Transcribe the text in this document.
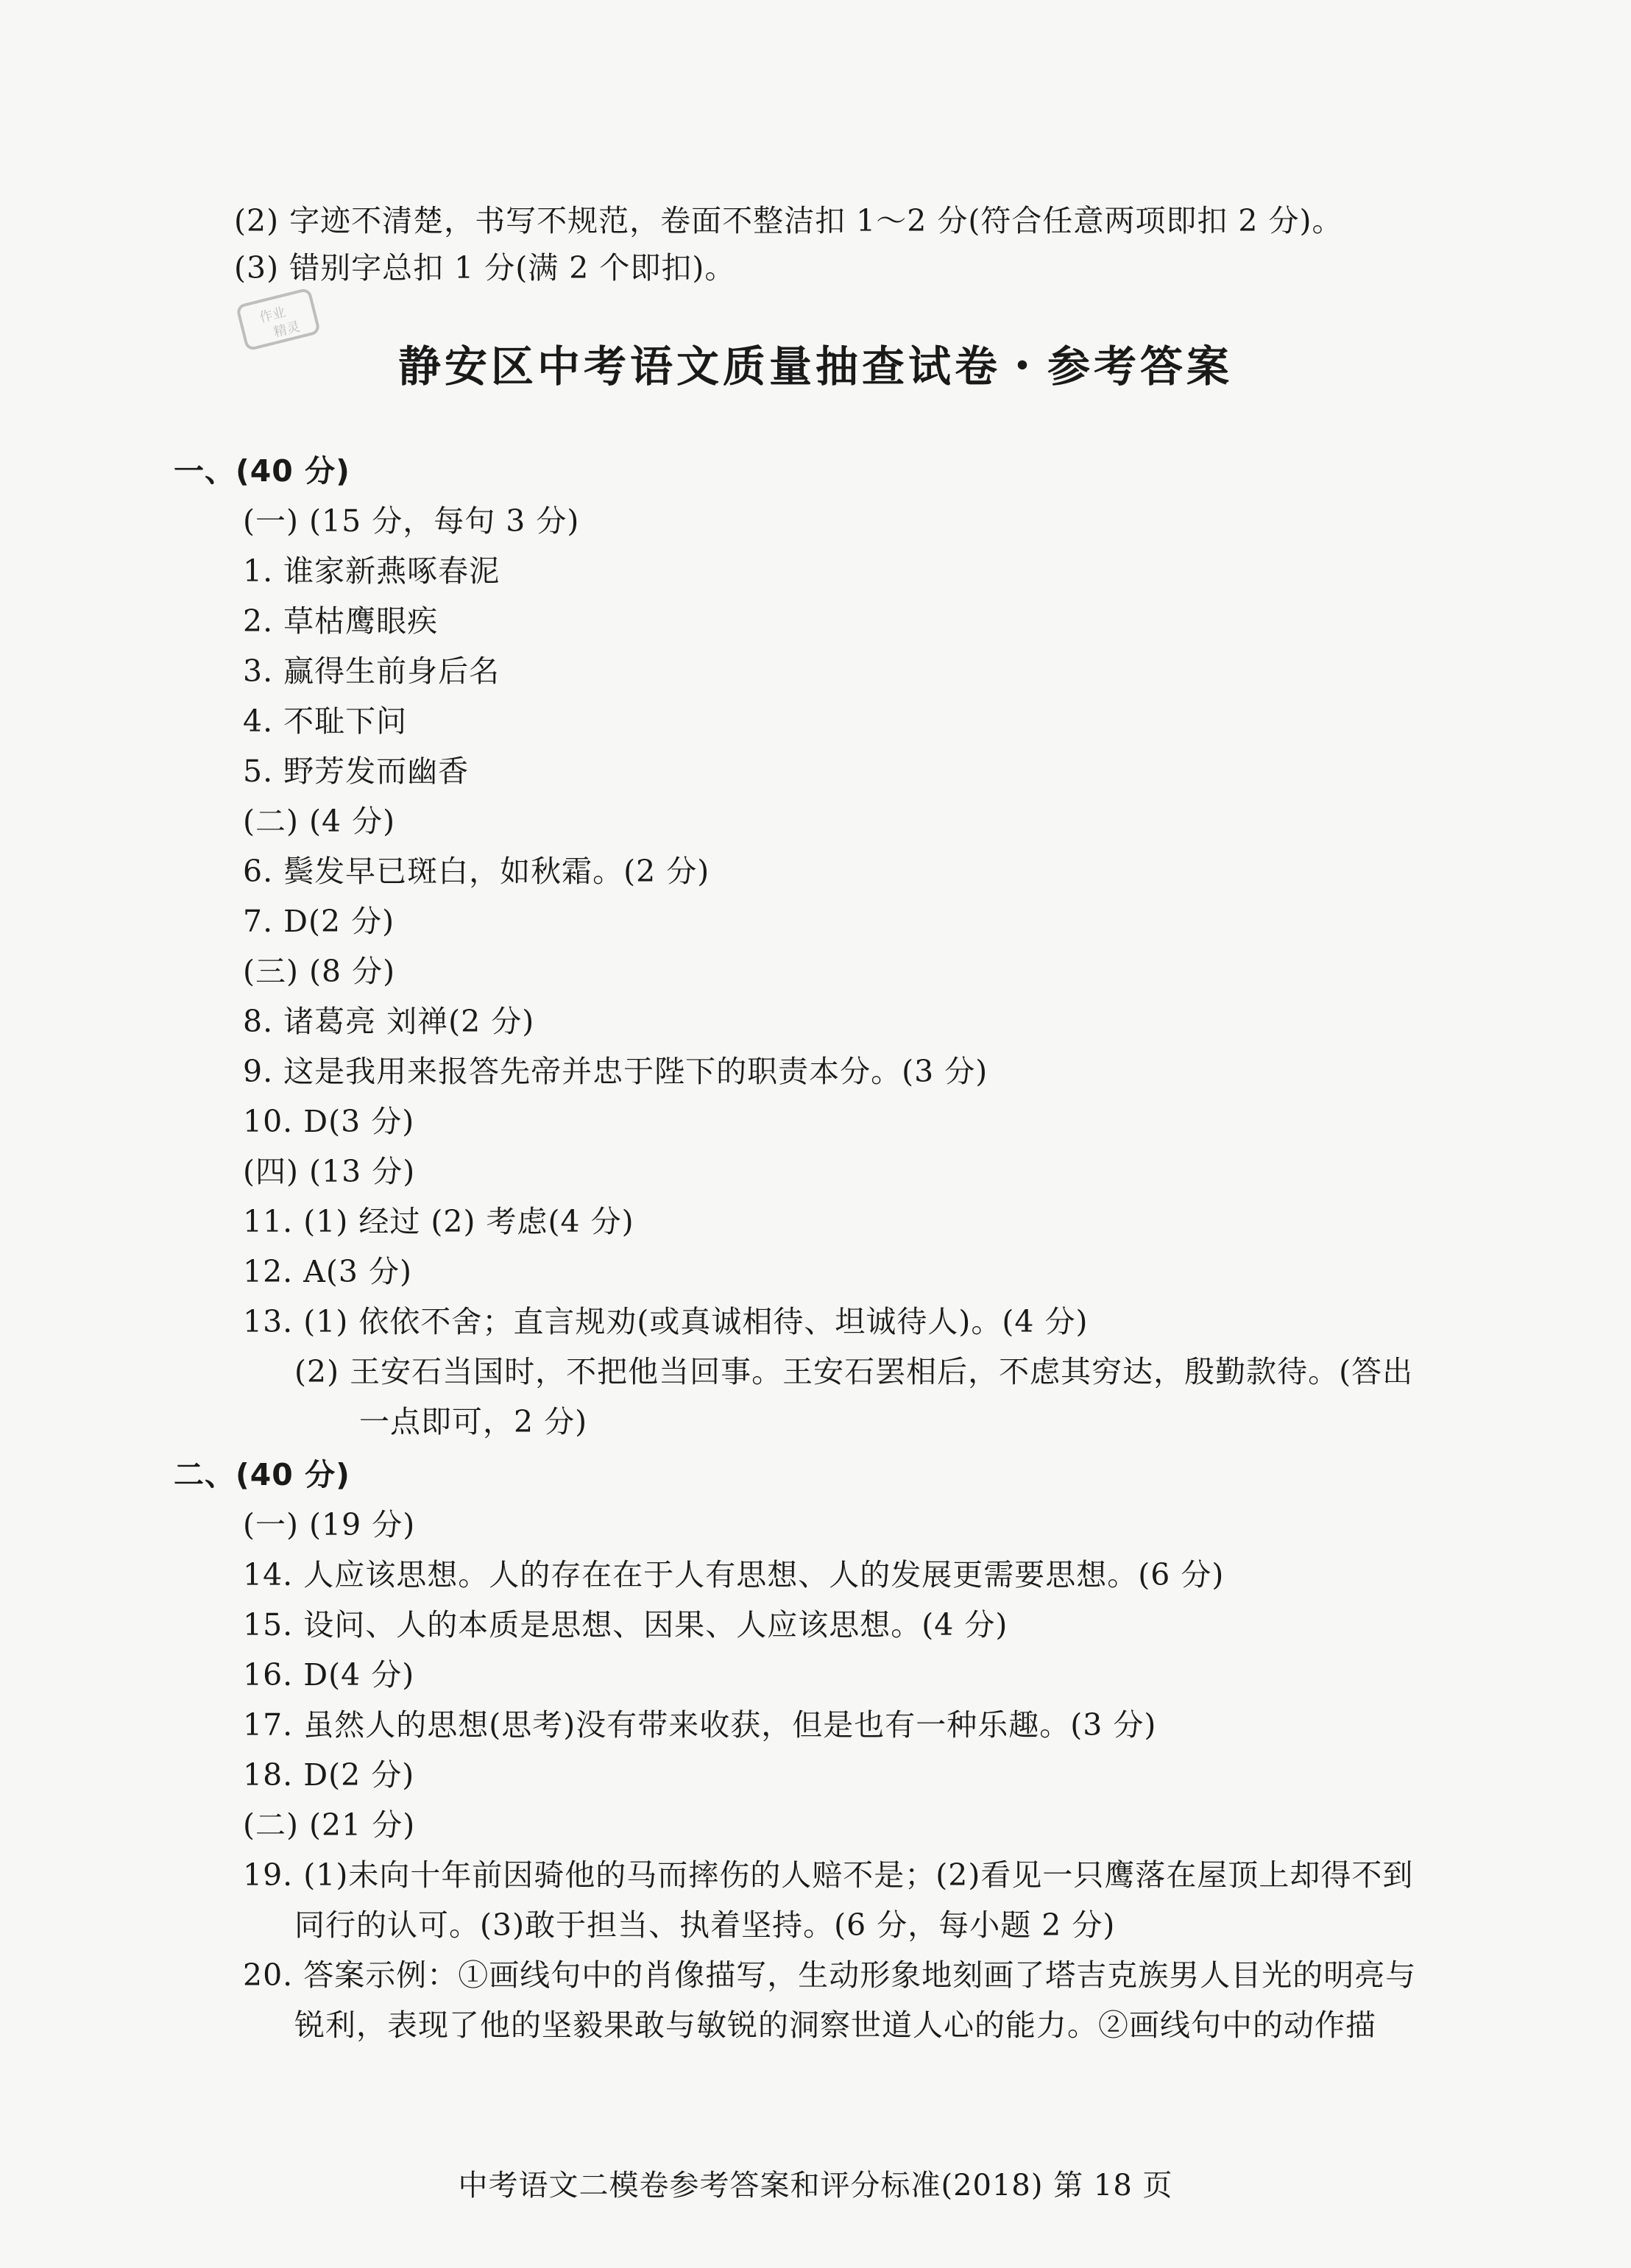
(2) 字迹不清楚，书写不规范，卷面不整洁扣 1～2 分(符合任意两项即扣 2 分)。
(3) 错别字总扣 1 分(满 2 个即扣)。
作业
精灵
静安区中考语文质量抽查试卷・参考答案
一、(40 分)
(一) (15 分，每句 3 分)
1. 谁家新燕啄春泥
2. 草枯鹰眼疾
3. 赢得生前身后名
4. 不耻下问
5. 野芳发而幽香
(二) (4 分)
6. 鬓发早已斑白，如秋霜。(2 分)
7. D(2 分)
(三) (8 分)
8. 诸葛亮 刘禅(2 分)
9. 这是我用来报答先帝并忠于陛下的职责本分。(3 分)
10. D(3 分)
(四) (13 分)
11. (1) 经过 (2) 考虑(4 分)
12. A(3 分)
13. (1) 依依不舍；直言规劝(或真诚相待、坦诚待人)。(4 分)
(2) 王安石当国时，不把他当回事。王安石罢相后，不虑其穷达，殷勤款待。(答出
一点即可，2 分)
二、(40 分)
(一) (19 分)
14. 人应该思想。人的存在在于人有思想、人的发展更需要思想。(6 分)
15. 设问、人的本质是思想、因果、人应该思想。(4 分)
16. D(4 分)
17. 虽然人的思想(思考)没有带来收获，但是也有一种乐趣。(3 分)
18. D(2 分)
(二) (21 分)
19. (1)未向十年前因骑他的马而摔伤的人赔不是；(2)看见一只鹰落在屋顶上却得不到
同行的认可。(3)敢于担当、执着坚持。(6 分，每小题 2 分)
20. 答案示例：①画线句中的肖像描写，生动形象地刻画了塔吉克族男人目光的明亮与
锐利，表现了他的坚毅果敢与敏锐的洞察世道人心的能力。②画线句中的动作描
中考语文二模卷参考答案和评分标准(2018) 第 18 页
